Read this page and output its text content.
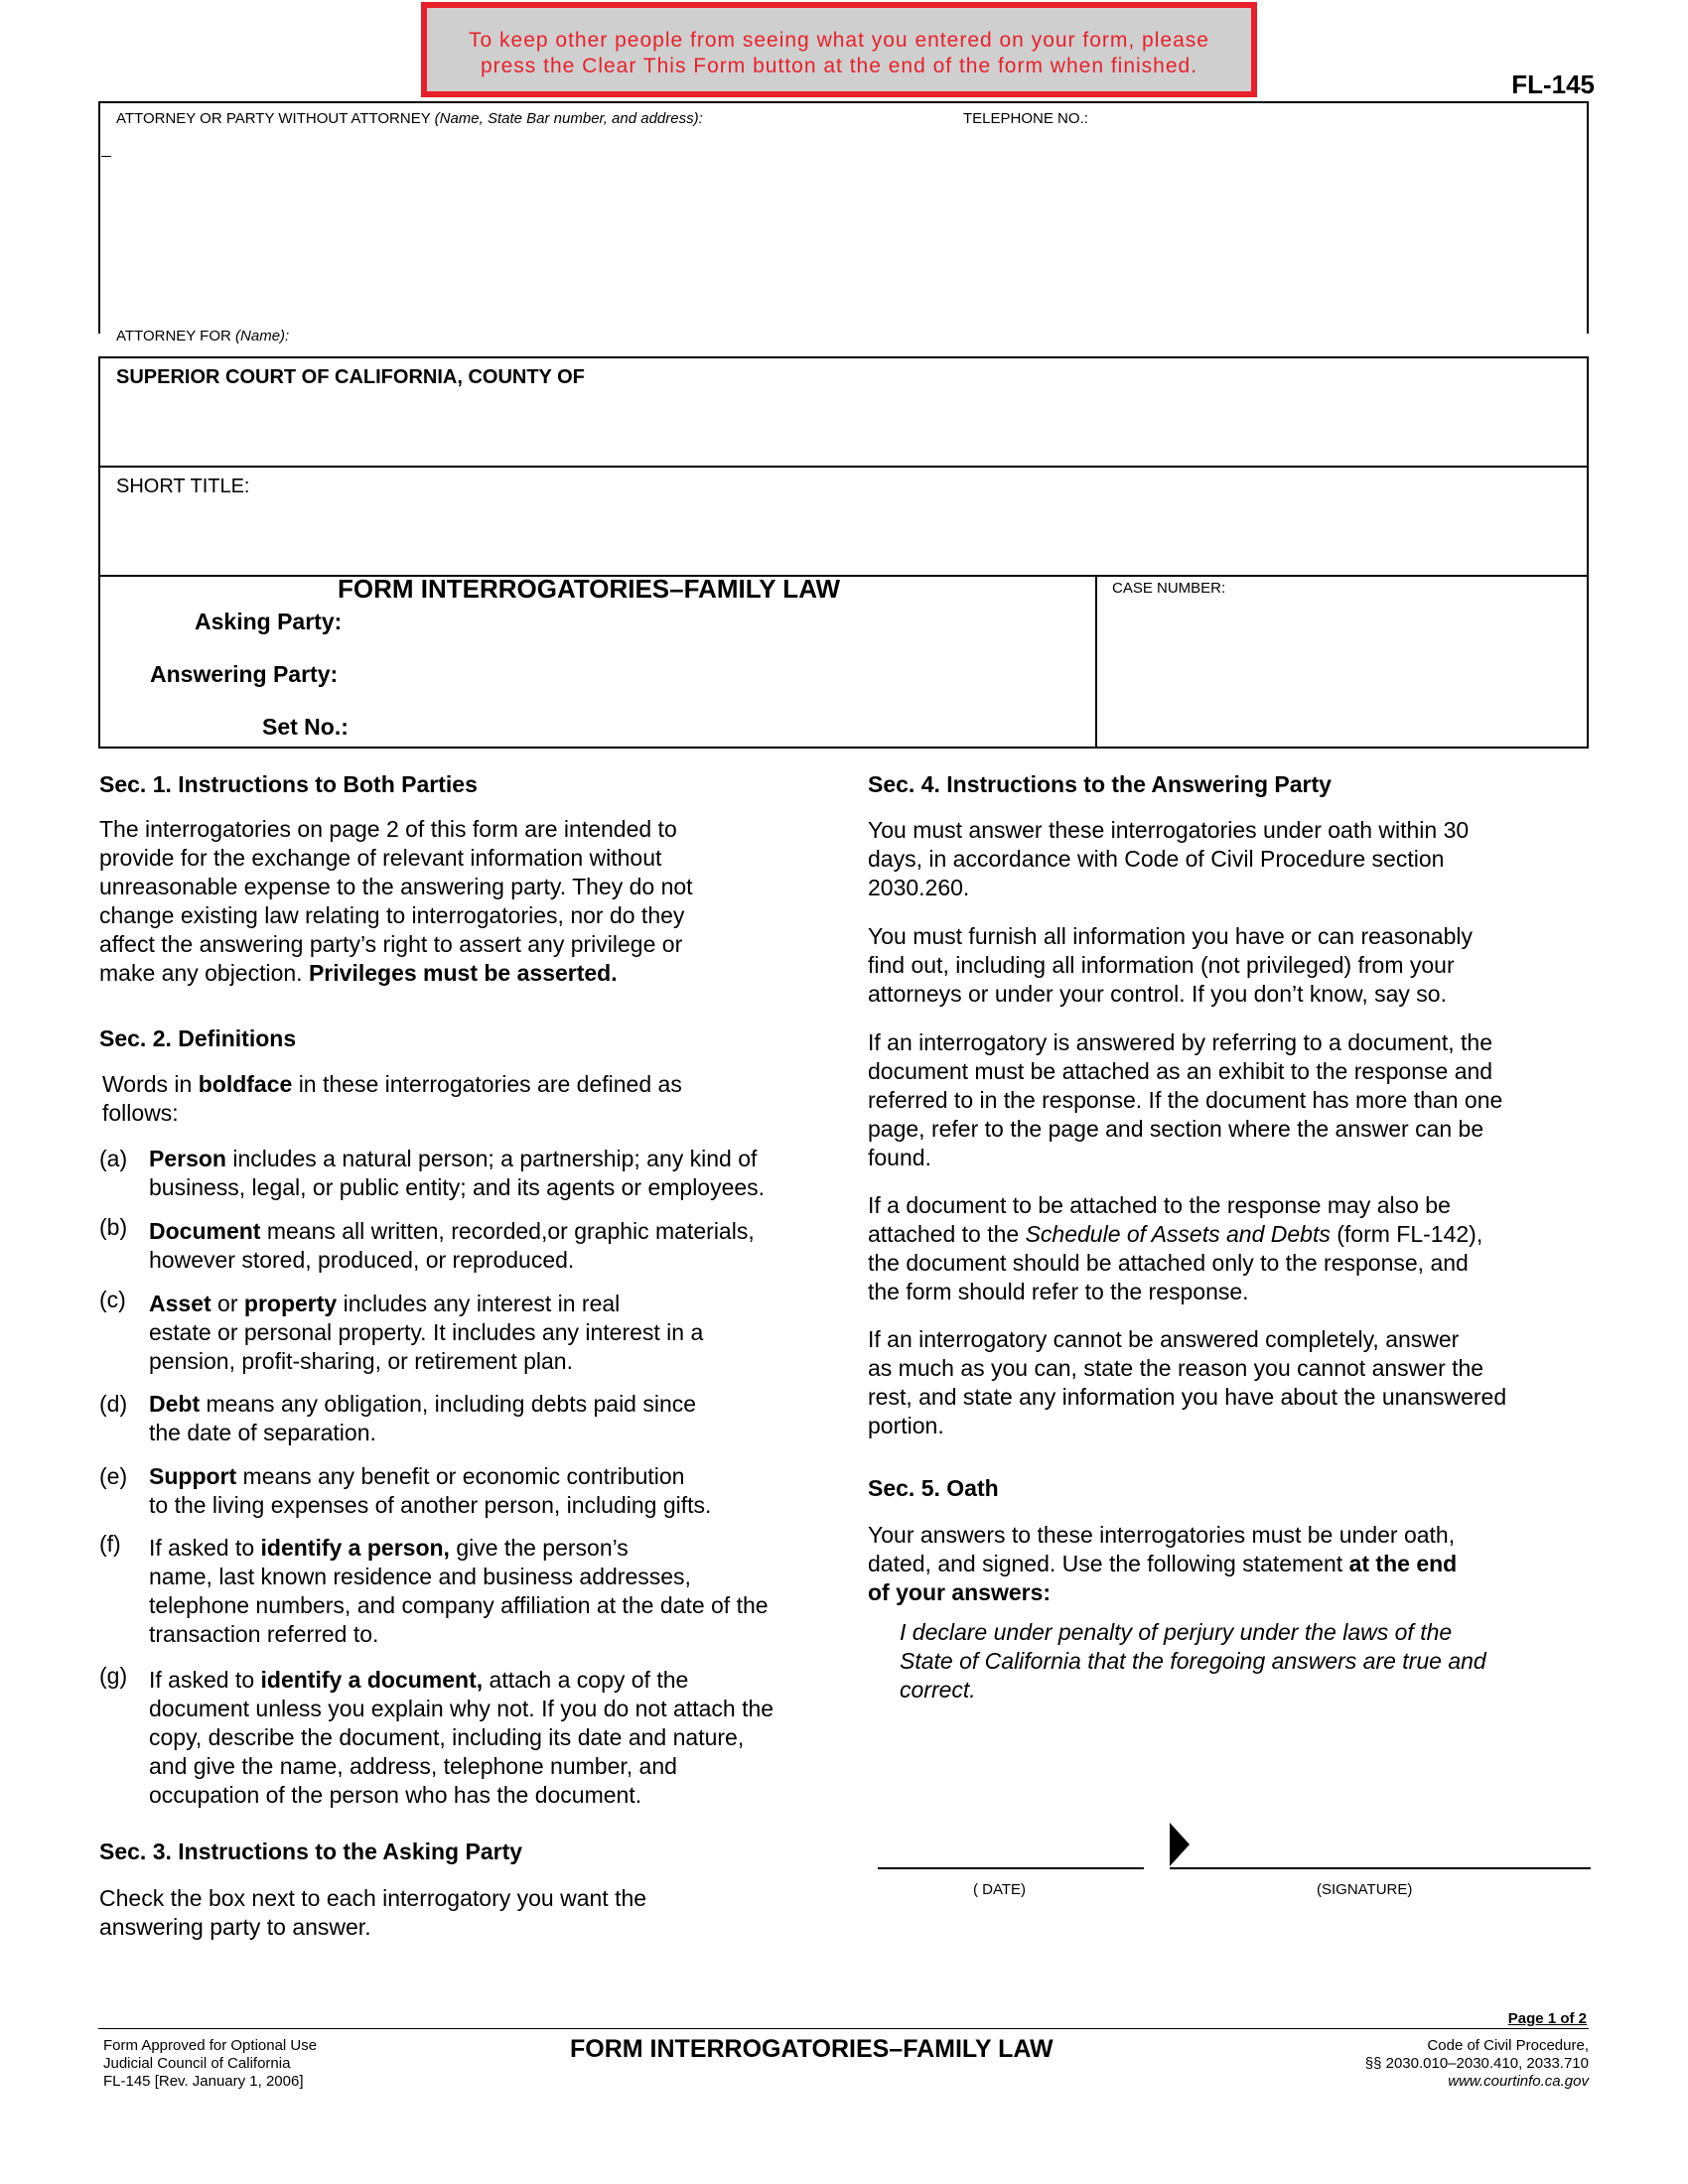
To keep other people from seeing what you entered on your form, please
press the Clear This Form button at the end of the form when finished.
FL-145
ATTORNEY OR PARTY WITHOUT ATTORNEY (Name, State Bar number, and address):	TELEPHONE NO.:
ATTORNEY FOR (Name):
SUPERIOR COURT OF CALIFORNIA, COUNTY OF
SHORT TITLE:
FORM INTERROGATORIES–FAMILY LAW
Asking Party:
Answering Party:
Set No.:
CASE NUMBER:
Sec. 1. Instructions to Both Parties

The interrogatories on page 2 of this form are intended to

provide for the exchange of relevant information without

unreasonable expense to the answering party. They do not

change existing law relating to interrogatories, nor do they

affect the answering party’s right to assert any privilege or

make any objection. Privileges must be asserted.

Sec. 2. Definitions

Words in boldface in these interrogatories are defined as

follows:

(a) Person includes a natural person; a partnership; any kind of

business, legal, or public entity; and its agents or employees.

(b) Document means all written, recorded,or graphic materials,

however stored, produced, or reproduced.

(c) Asset or property includes any interest in real

estate or personal property. It includes any interest in a

pension, profit-sharing, or retirement plan.

(d) Debt means any obligation, including debts paid since

the date of separation.

(e) Support means any benefit or economic contribution

to the living expenses of another person, including gifts.

(f) If asked to identify a person, give the person’s

name, last known residence and business addresses,

telephone numbers, and company affiliation at the date of the

transaction referred to.

(g) If asked to identify a document, attach a copy of the

document unless you explain why not. If you do not attach the

copy, describe the document, including its date and nature,

and give the name, address, telephone number, and

occupation of the person who has the document.

Sec. 3. Instructions to the Asking Party

Check the box next to each interrogatory you want the

answering party to answer.

Sec. 4. Instructions to the Answering Party

You must answer these interrogatories under oath within 30

days, in accordance with Code of Civil Procedure section

2030.260.

You must furnish all information you have or can reasonably

find out, including all information (not privileged) from your

attorneys or under your control. If you don’t know, say so.

If an interrogatory is answered by referring to a document, the

document must be attached as an exhibit to the response and

referred to in the response. If the document has more than one

page, refer to the page and section where the answer can be

found.

If a document to be attached to the response may also be

attached to the Schedule of Assets and Debts (form FL-142),

the document should be attached only to the response, and

the form should refer to the response.

If an interrogatory cannot be answered completely, answer

as much as you can, state the reason you cannot answer the

rest, and state any information you have about the unanswered

portion.

Sec. 5. Oath

Your answers to these interrogatories must be under oath,

dated, and signed. Use the following statement at the end

of your answers:

I declare under penalty of perjury under the laws of the

State of California that the foregoing answers are true and

correct.

( DATE)	(SIGNATURE)
Page 1 of 2
Form Approved for Optional Use
Judicial Council of California
FL-145 [Rev. January 1, 2006]
FORM INTERROGATORIES–FAMILY LAW	Code of Civil Procedure,
§§ 2030.010–2030.410, 2033.710
www.courtinfo.ca.gov
